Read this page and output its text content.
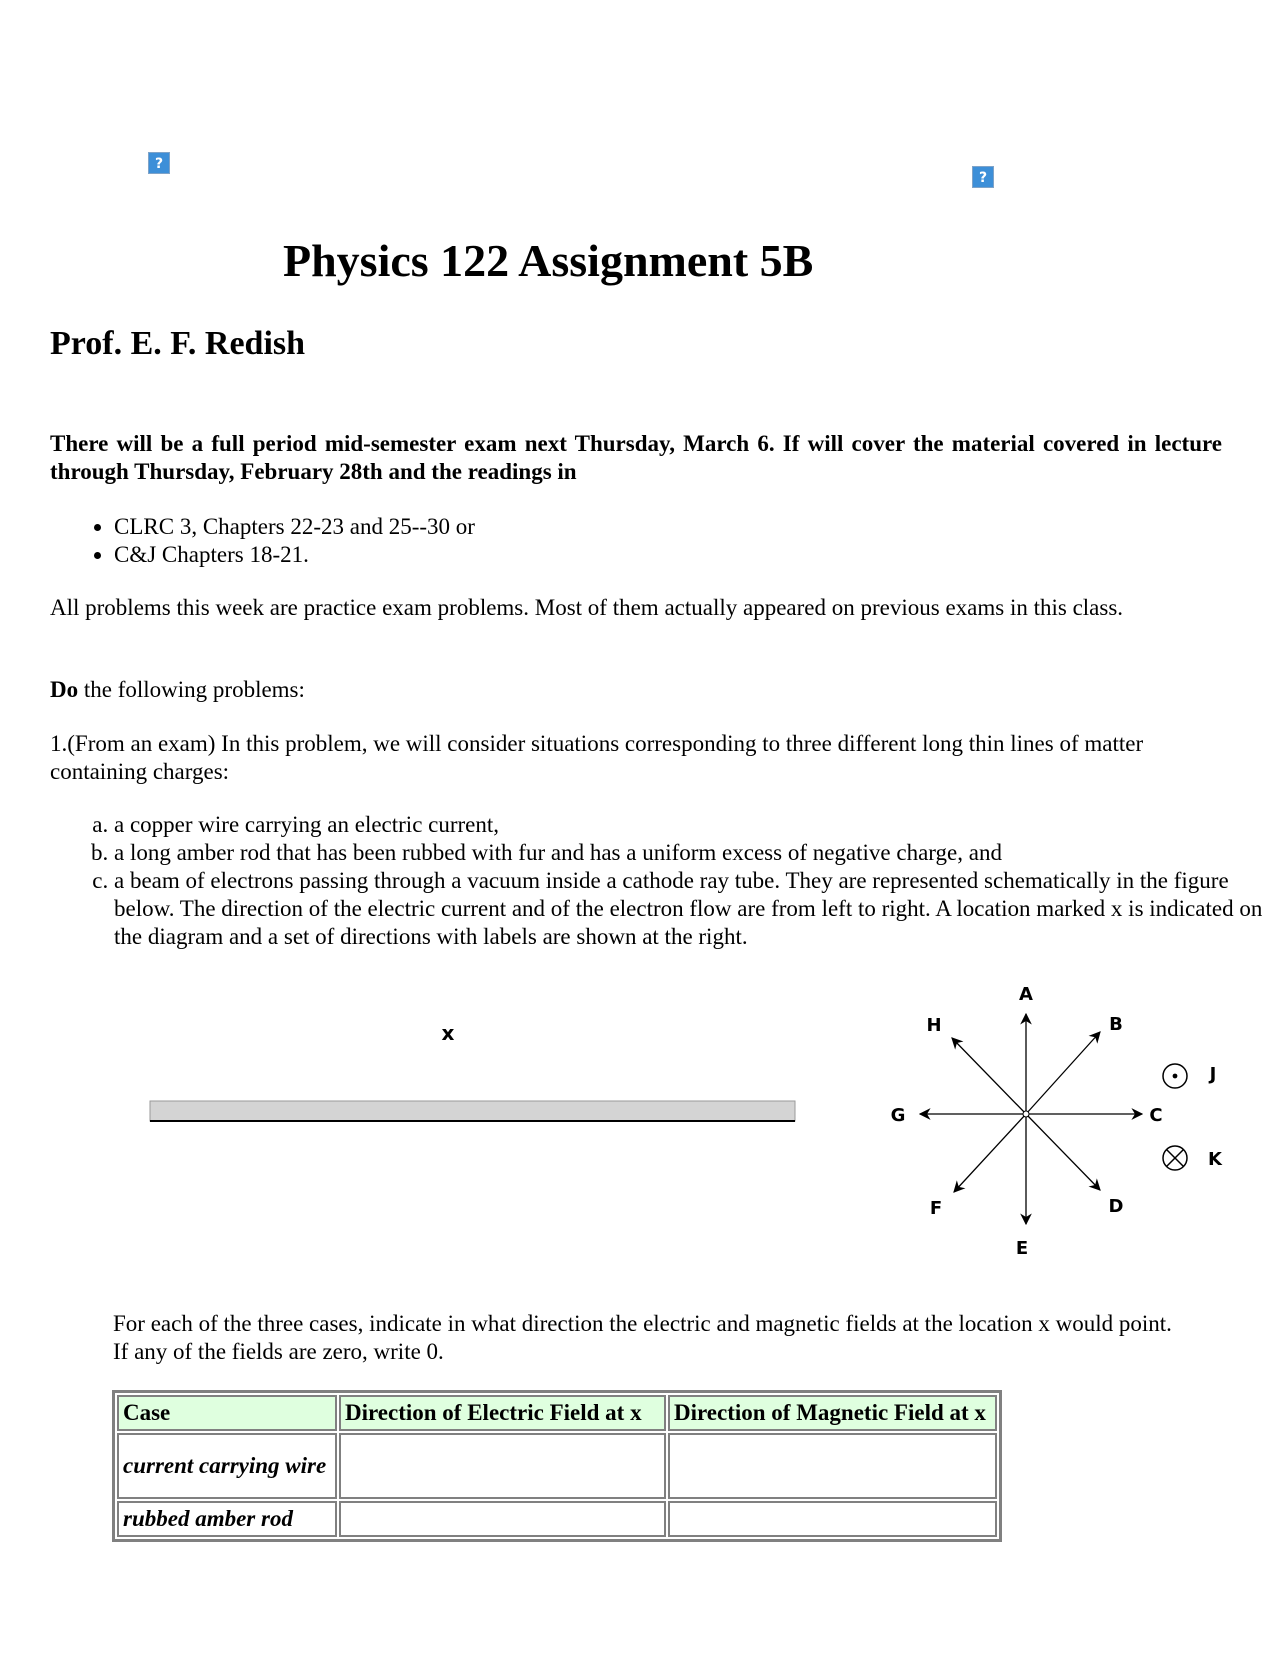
?
?
Physics 122 Assignment 5B
Prof. E. F. Redish

There will be a full period mid-semester exam next Thursday, March 6. If will cover the material covered in lecture through Thursday, February 28th and the readings in

• CLRC 3, Chapters 22-23 and 25--30 or
• C&J Chapters 18-21.

All problems this week are practice exam problems. Most of them actually appeared on previous exams in this class.

Do the following problems:

1.(From an exam) In this problem, we will consider situations corresponding to three different long thin lines of matter containing charges:

a. a copper wire carrying an electric current,
b. a long amber rod that has been rubbed with fur and has a uniform excess of negative charge, and
c. a beam of electrons passing through a vacuum inside a cathode ray tube. They are represented schematically in the figure below. The direction of the electric current and of the electron flow are from left to right. A location marked x is indicated on the diagram and a set of directions with labels are shown at the right.
x
A
B
C
D
E
F
G
H
J
K

For each of the three cases, indicate in what direction the electric and magnetic fields at the location x would point. If any of the fields are zero, write 0.

Case	Direction of Electric Field at x	Direction of Magnetic Field at x
current carrying wire		
rubbed amber rod		
